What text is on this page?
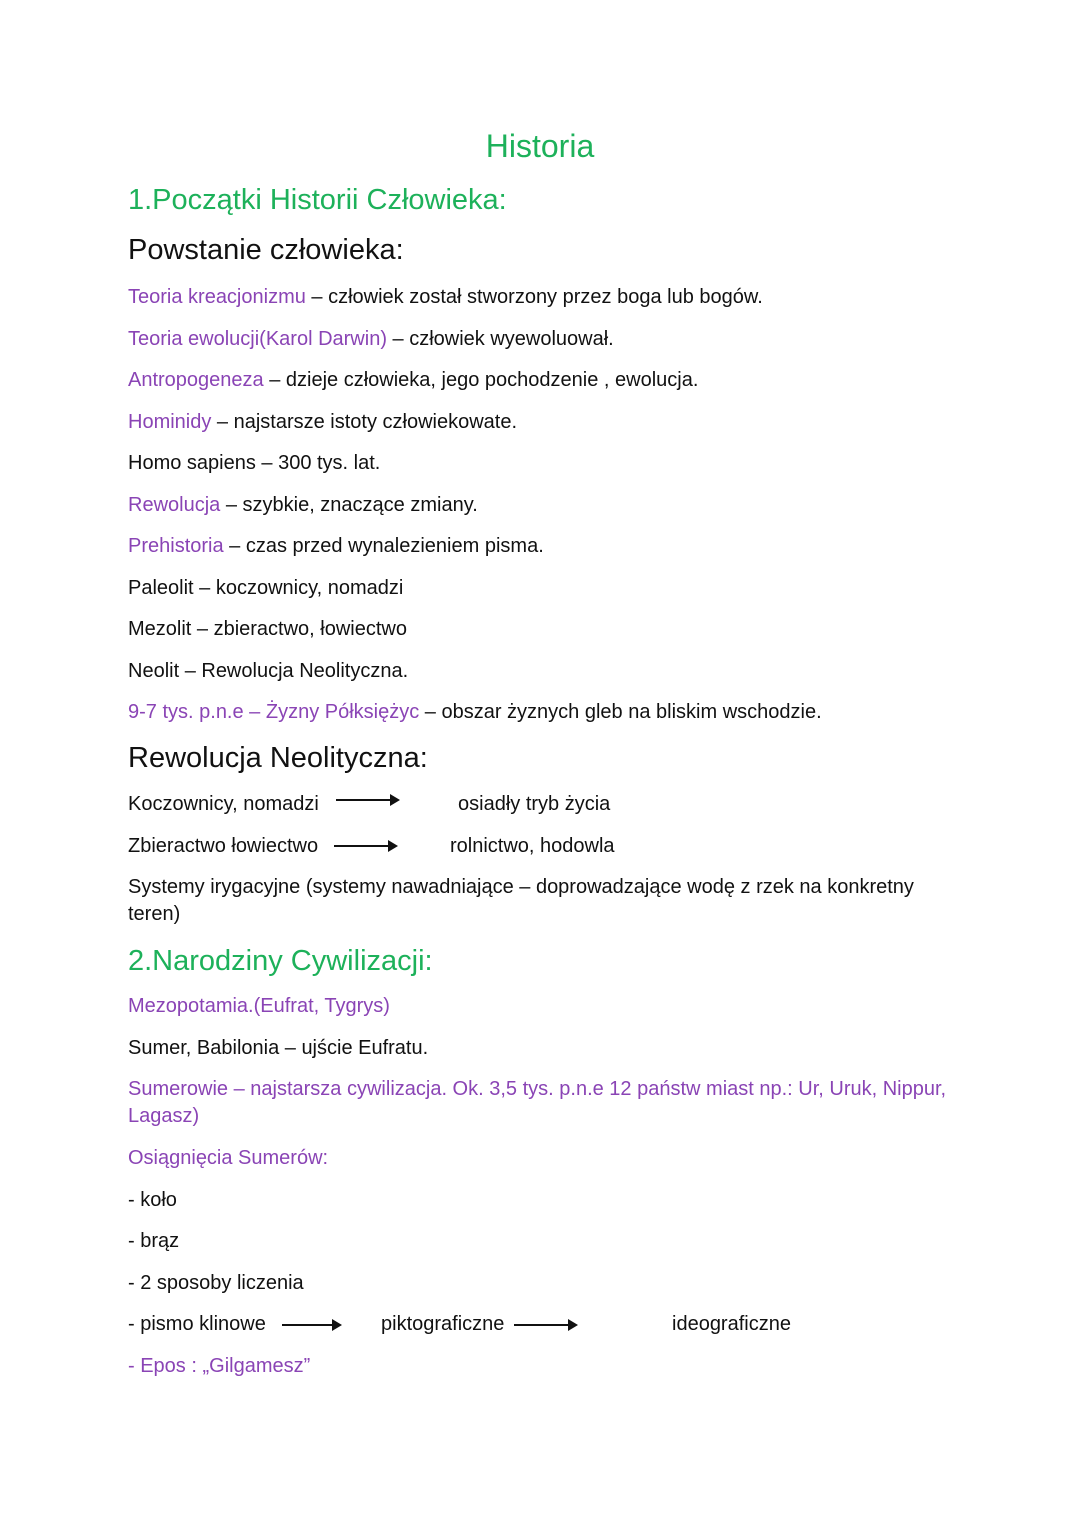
Historia
1.Początki Historii Człowieka:
Powstanie człowieka:
Teoria kreacjonizmu – człowiek został stworzony przez boga lub bogów.
Teoria ewolucji(Karol Darwin) – człowiek wyewoluował.
Antropogeneza – dzieje człowieka, jego pochodzenie , ewolucja.
Hominidy – najstarsze istoty człowiekowate.
Homo sapiens – 300 tys. lat.
Rewolucja – szybkie, znaczące zmiany.
Prehistoria – czas przed wynalezieniem pisma.
Paleolit – koczownicy, nomadzi
Mezolit – zbieractwo, łowiectwo
Neolit – Rewolucja Neolityczna.
9-7 tys. p.n.e – Żyzny Półksiężyc – obszar żyznych gleb na bliskim wschodzie.
Rewolucja Neolityczna:
Koczownicy, nomadzi	osiadły tryb życia
Zbieractwo łowiectwo	rolnictwo, hodowla
Systemy irygacyjne (systemy nawadniające – doprowadzające wodę z rzek na konkretny teren)
2.Narodziny Cywilizacji:
Mezopotamia.(Eufrat, Tygrys)
Sumer, Babilonia – ujście Eufratu.
Sumerowie – najstarsza cywilizacja. Ok. 3,5 tys. p.n.e 12 państw miast np.: Ur, Uruk, Nippur, Lagasz)
Osiągnięcia Sumerów:
- koło
- brąz
- 2 sposoby liczenia
- pismo klinowe	piktograficzne	ideograficzne
- Epos : „Gilgamesz”
